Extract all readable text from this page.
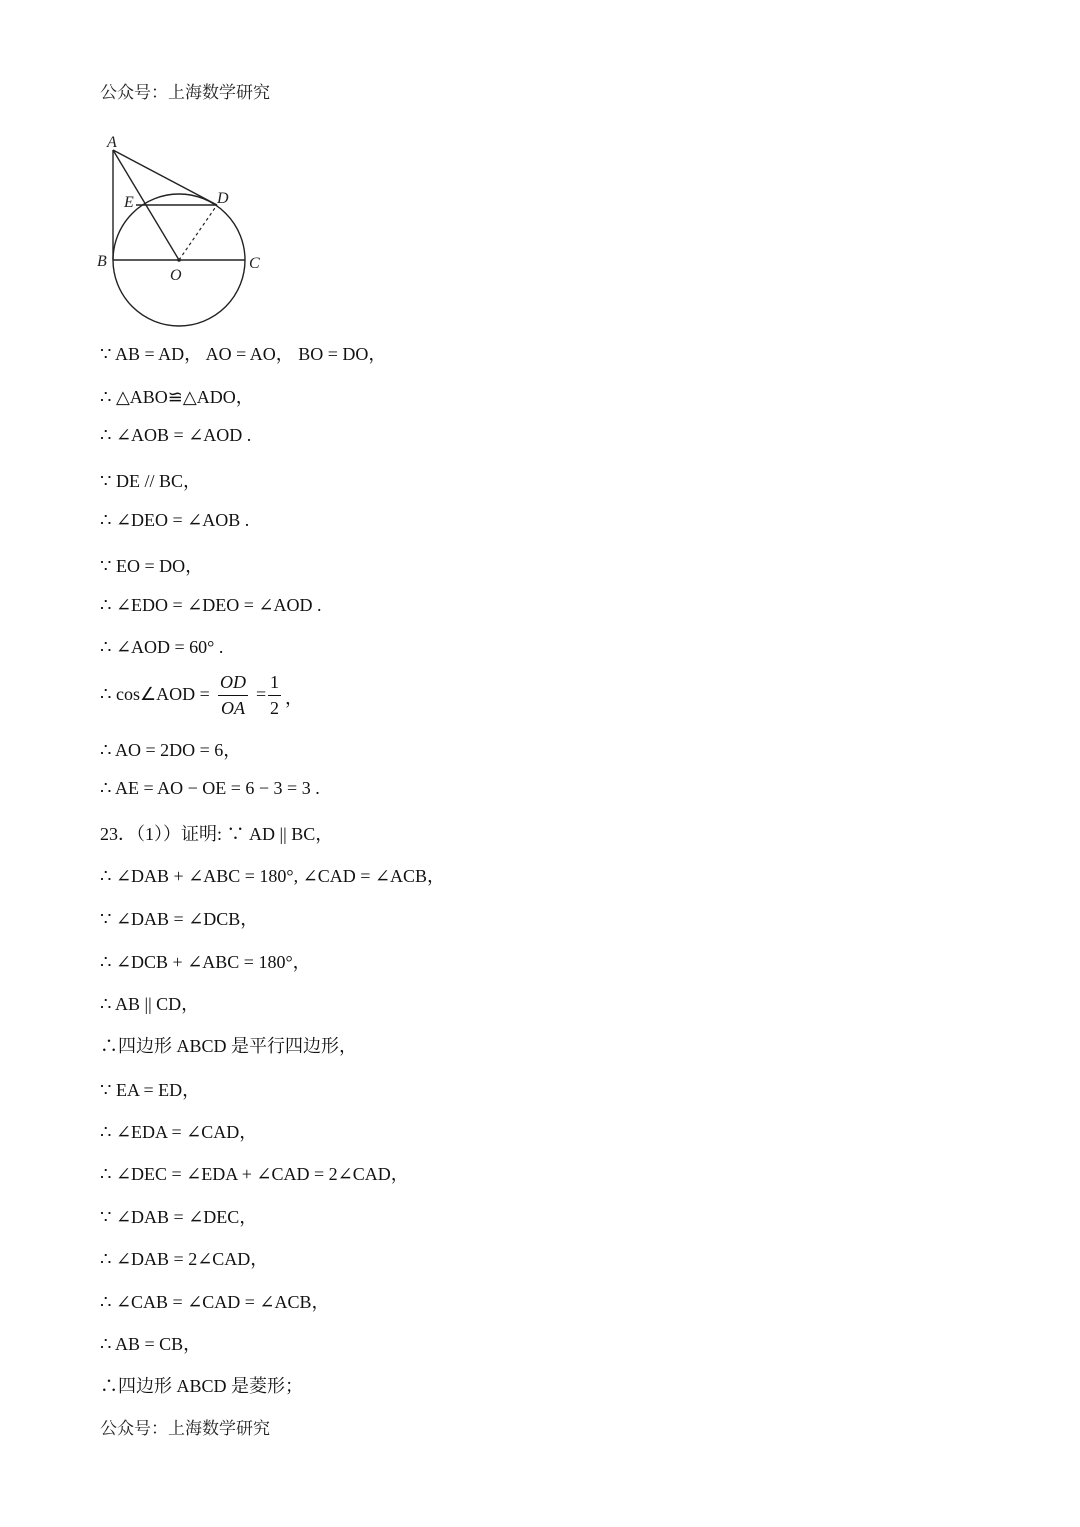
公众号：上海数学研究
A
B	C
D
E
O
∵ AB = AD， AO = AO， BO = DO，
∴ △ABO≌△ADO，
∴ ∠AOB = ∠AOD .
∵ DE // BC，
∴ ∠DEO = ∠AOB .
∵ EO = DO，
∴ ∠EDO = ∠DEO = ∠AOD .
∴ ∠AOD = 60° .
∴ cos∠AOD = $\frac{OD}{OA} = \frac{1}{2}$ ，
∴ AO = 2DO = 6，
∴ AE = AO − OE = 6 − 3 = 3 .
23．（1））证明: ∵ AD || BC，
∴ ∠DAB + ∠ABC = 180°, ∠CAD = ∠ACB，
∵ ∠DAB = ∠DCB，
∴ ∠DCB + ∠ABC = 180°，
∴ AB || CD，
∴四边形 ABCD 是平行四边形，
∵ EA = ED，
∴ ∠EDA = ∠CAD，
∴ ∠DEC = ∠EDA + ∠CAD = 2∠CAD，
∵ ∠DAB = ∠DEC，
∴ ∠DAB = 2∠CAD，
∴ ∠CAB = ∠CAD = ∠ACB，
∴ AB = CB，
∴四边形 ABCD 是菱形；
公众号：上海数学研究
